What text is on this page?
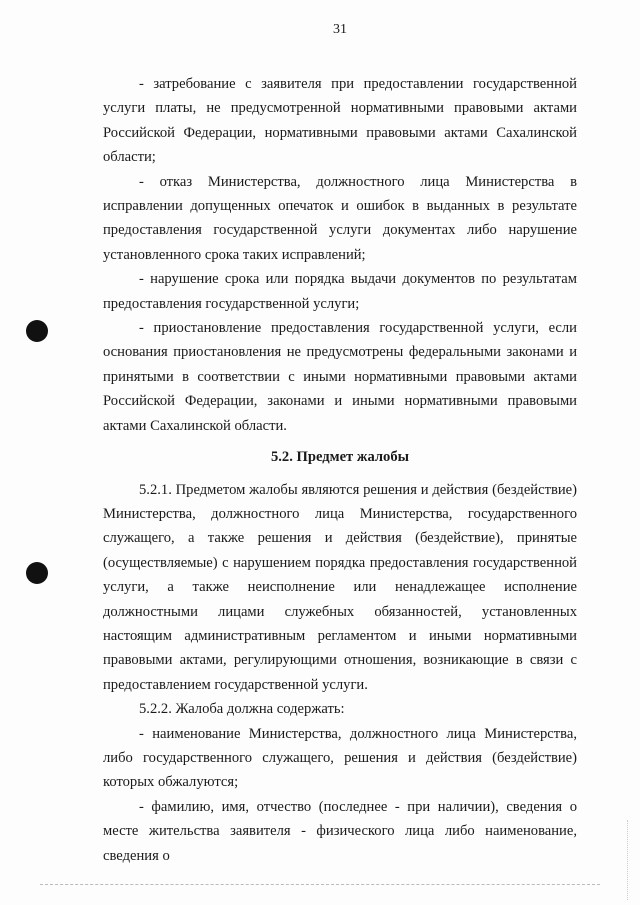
31

- затребование с заявителя при предоставлении государственной услуги платы, не предусмотренной нормативными правовыми актами Российской Федерации, нормативными правовыми актами Сахалинской области;

- отказ Министерства, должностного лица Министерства в исправлении допущенных опечаток и ошибок в выданных в результате предоставления государственной услуги документах либо нарушение установленного срока таких исправлений;

- нарушение срока или порядка выдачи документов по результатам предоставления государственной услуги;

- приостановление предоставления государственной услуги, если основания приостановления не предусмотрены федеральными законами и принятыми в соответствии с иными нормативными правовыми актами Российской Федерации, законами и иными нормативными правовыми актами Сахалинской области.

5.2. Предмет жалобы

5.2.1. Предметом жалобы являются решения и действия (бездействие) Министерства, должностного лица Министерства, государственного служащего, а также решения и действия (бездействие), принятые (осуществляемые) с нарушением порядка предоставления государственной услуги, а также неисполнение или ненадлежащее исполнение должностными лицами служебных обязанностей, установленных настоящим административным регламентом и иными нормативными правовыми актами, регулирующими отношения, возникающие в связи с предоставлением государственной услуги.

5.2.2. Жалоба должна содержать:

- наименование Министерства, должностного лица Министерства, либо государственного служащего, решения и действия (бездействие) которых обжалуются;

- фамилию, имя, отчество (последнее - при наличии), сведения о месте жительства заявителя - физического лица либо наименование, сведения о
